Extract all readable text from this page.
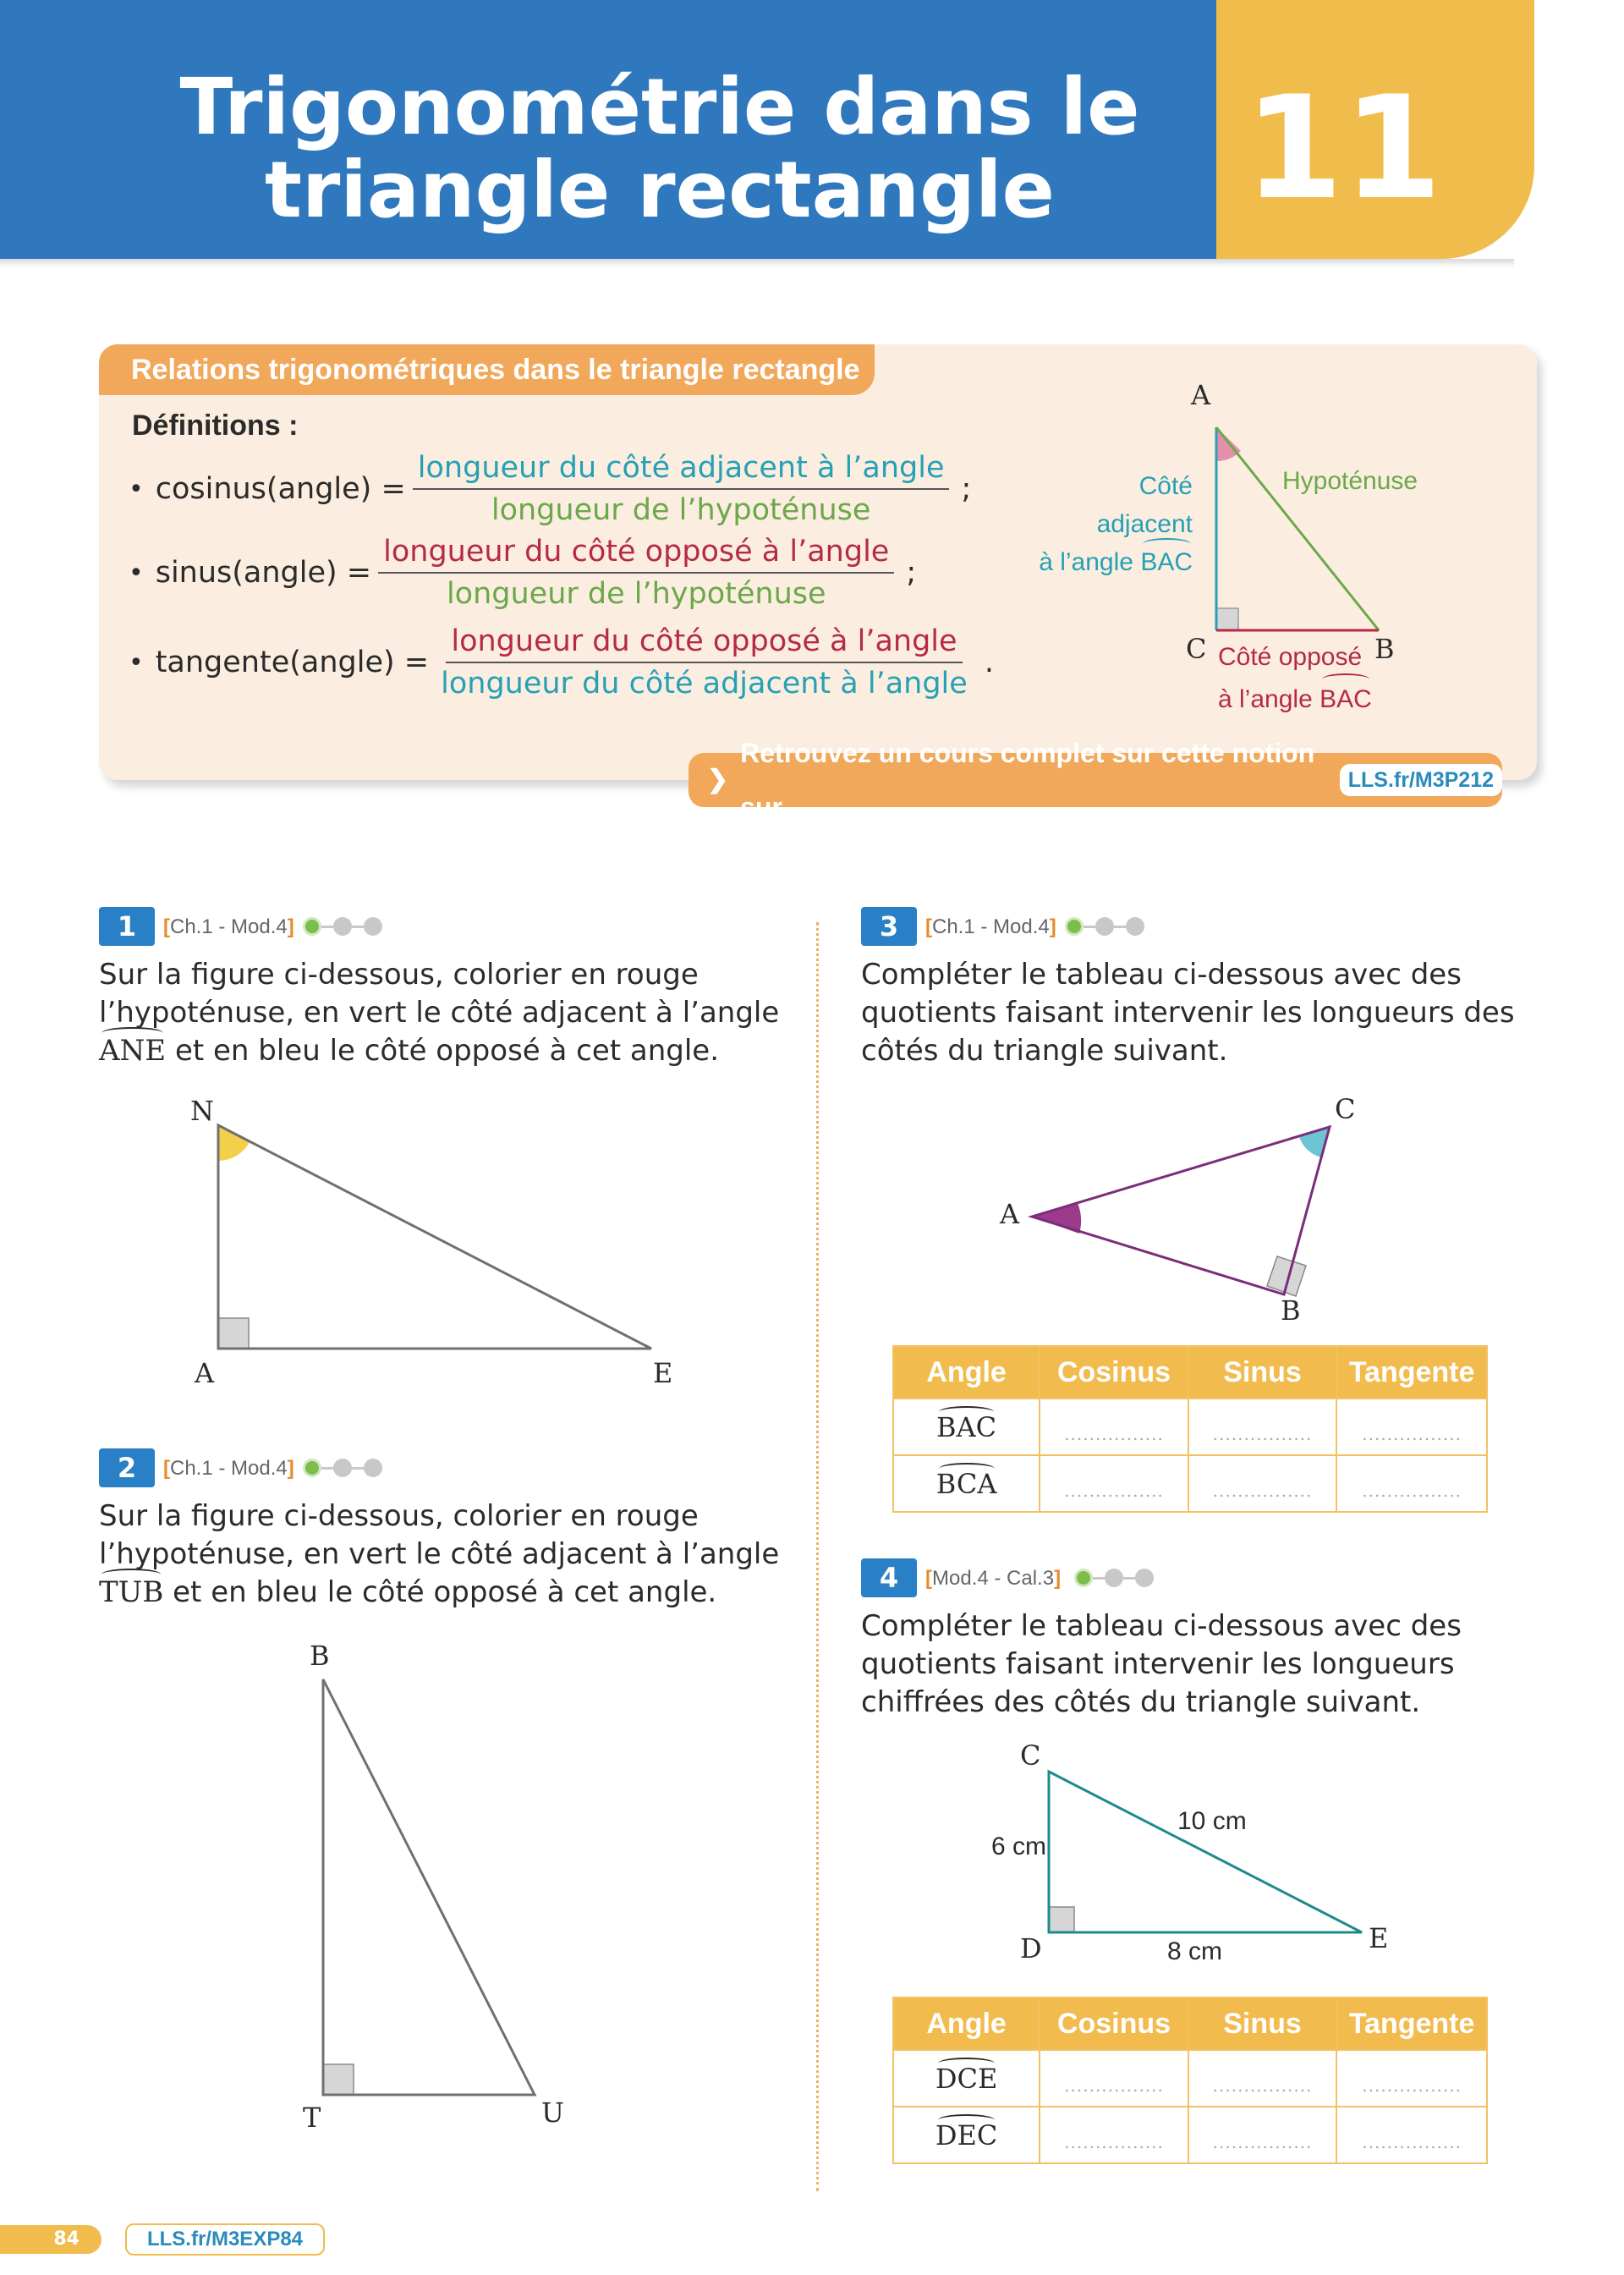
Trigonométrie dans le
triangle rectangle	11
Relations trigonométriques dans le triangle rectangle
Définitions :
• cosinus(angle) = $\frac{\text{longueur du côté adjacent à l’angle}}{\text{longueur de l’hypoténuse}}$ ;
• sinus(angle) = $\frac{\text{longueur du côté opposé à l’angle}}{\text{longueur de l’hypoténuse}}$ ;
• tangente(angle) = $\frac{\text{longueur du côté opposé à l’angle}}{\text{longueur du côté adjacent à l’angle}}$ .
A
C	B
Côté adjacent
à l’angle BAC
Hypoténuse
Côté opposé
à l’angle BAC
❯
Retrouvez un cours complet sur cette notion sur
LLS.fr/M3P212
1	[Ch.1 - Mod.4]
Sur la figure ci-dessous, colorier en rouge
l’hypoténuse, en vert le côté adjacent à l’angle
ANE et en bleu le côté opposé à cet angle.
N
A	E
2	[Ch.1 - Mod.4]
Sur la figure ci-dessous, colorier en rouge
l’hypoténuse, en vert le côté adjacent à l’angle
TUB et en bleu le côté opposé à cet angle.
B
T	U
3	[Ch.1 - Mod.4]
Compléter le tableau ci-dessous avec des
quotients faisant intervenir les longueurs des
côtés du triangle suivant.
A
B
C
Angle	Cosinus	Sinus	Tangente
BAC	................	................	................
BCA	................	................	................
4	[Mod.4 - Cal.3]
Compléter le tableau ci-dessous avec des
quotients faisant intervenir les longueurs
chiffrées des côtés du triangle suivant.
C
D	E
6 cm
10 cm
8 cm
Angle	Cosinus	Sinus	Tangente
DCE	................	................	................
DEC	................	................	................
84	LLS.fr/M3EXP84
